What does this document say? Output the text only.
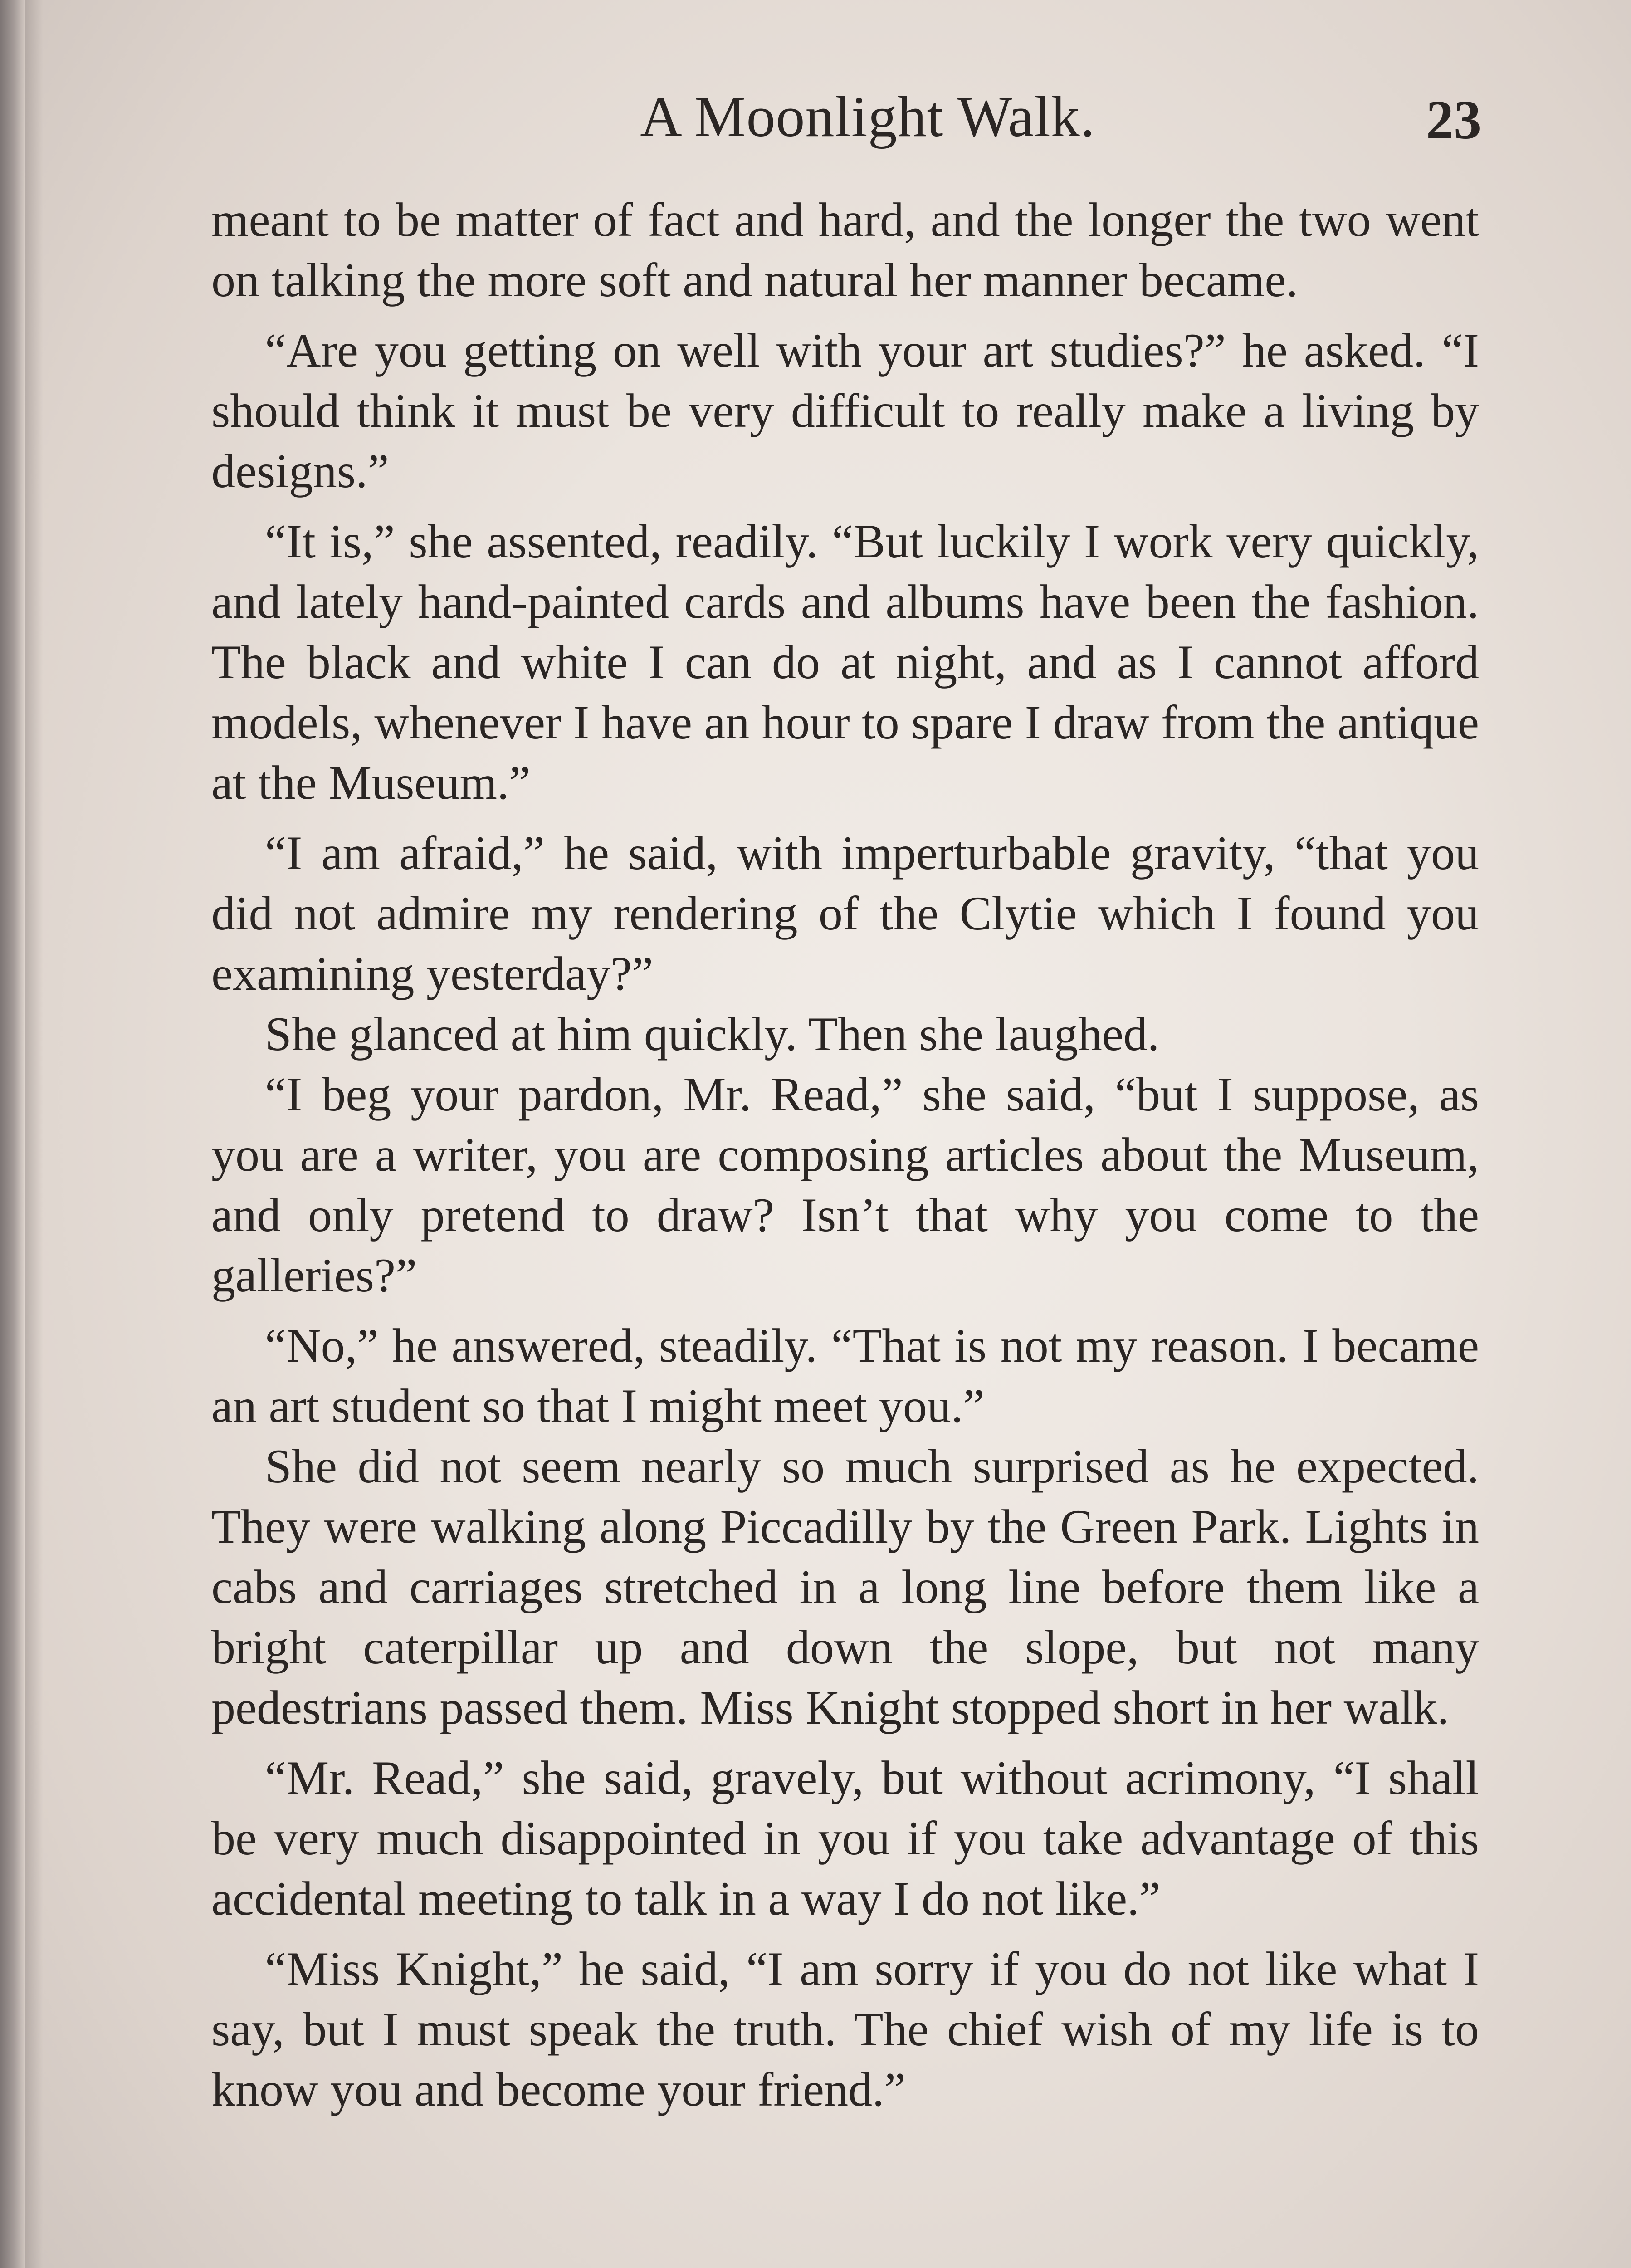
A Moonlight Walk.	23

meant to be matter of fact and hard, and the longer the two went on talking the more soft and natural her manner became.

“Are you getting on well with your art studies?” he asked. “I should think it must be very difficult to really make a living by designs.”

“It is,” she assented, readily. “But luckily I work very quickly, and lately hand-painted cards and albums have been the fashion. The black and white I can do at night, and as I cannot afford models, whenever I have an hour to spare I draw from the antique at the Museum.”

“I am afraid,” he said, with imperturbable gravity, “that you did not admire my rendering of the Clytie which I found you examining yesterday?”

She glanced at him quickly. Then she laughed.

“I beg your pardon, Mr. Read,” she said, “but I suppose, as you are a writer, you are composing articles about the Museum, and only pretend to draw? Isn’t that why you come to the galleries?”

“No,” he answered, steadily. “That is not my reason. I became an art student so that I might meet you.”

She did not seem nearly so much surprised as he expected. They were walking along Piccadilly by the Green Park. Lights in cabs and carriages stretched in a long line before them like a bright caterpillar up and down the slope, but not many pedestrians passed them. Miss Knight stopped short in her walk.

“Mr. Read,” she said, gravely, but without acrimony, “I shall be very much disappointed in you if you take advantage of this accidental meeting to talk in a way I do not like.”

“Miss Knight,” he said, “I am sorry if you do not like what I say, but I must speak the truth. The chief wish of my life is to know you and become your friend.”
